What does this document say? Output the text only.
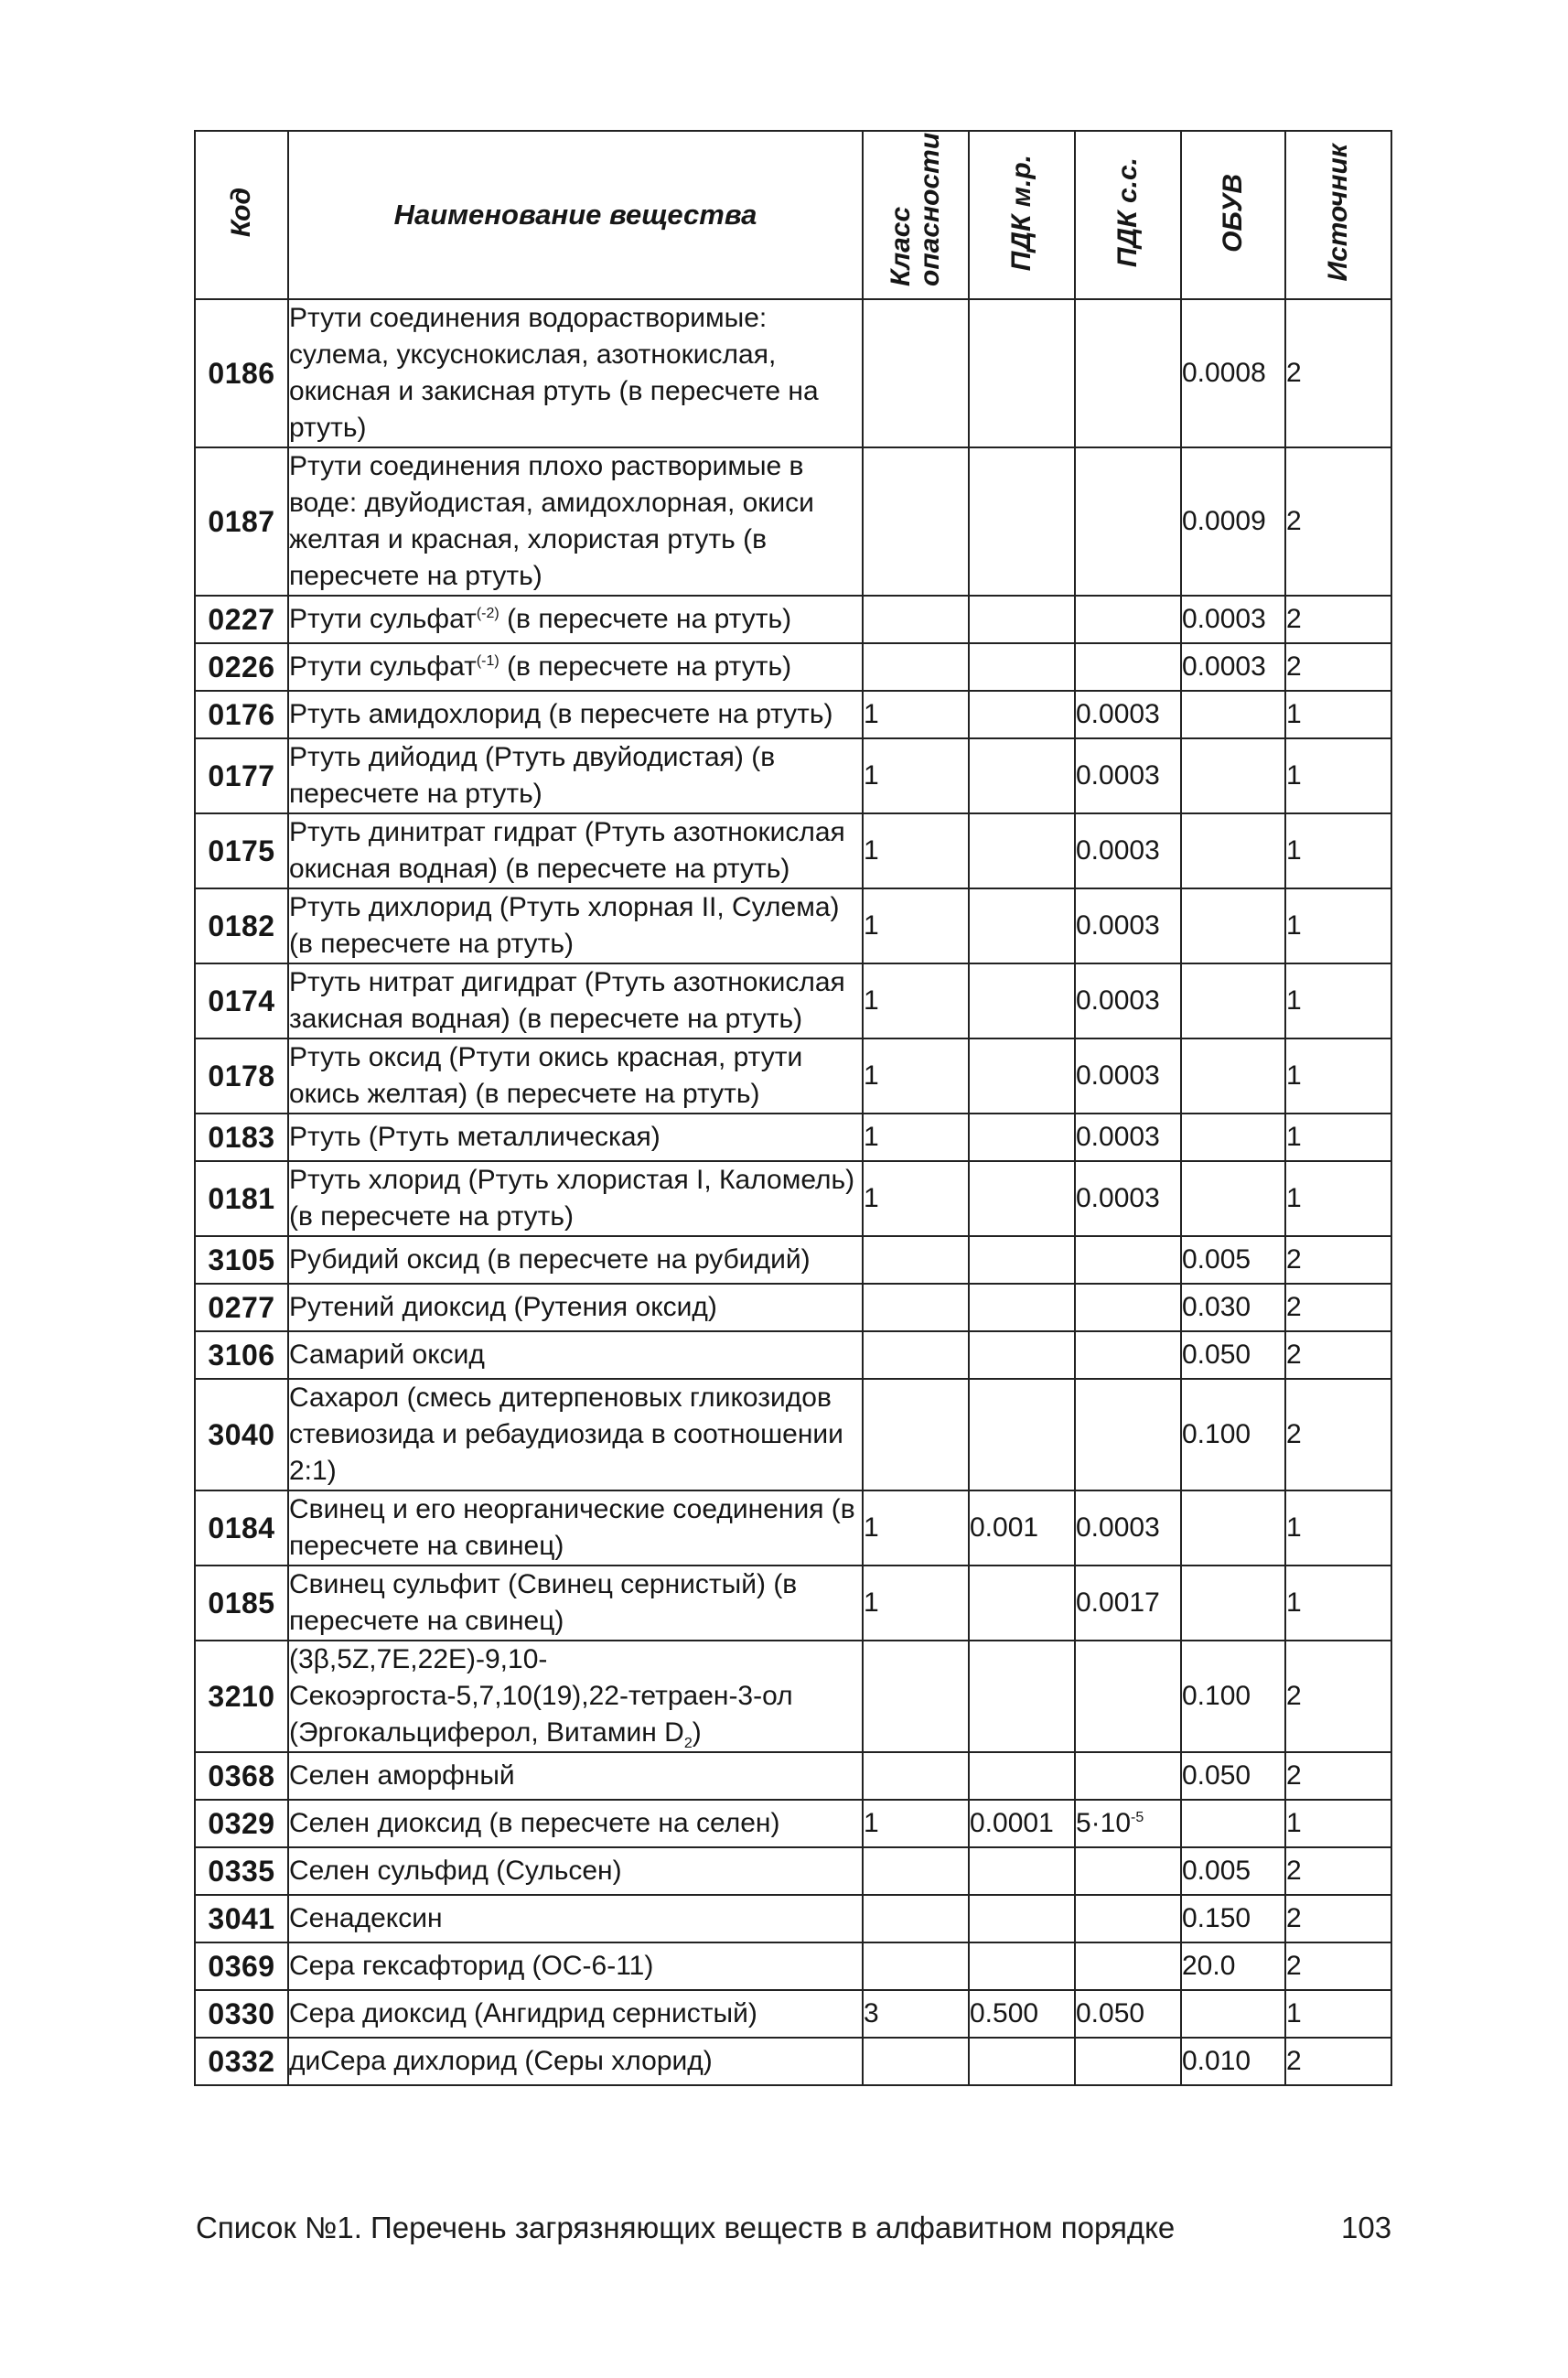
Код	Наименование вещества	Класс опасности	ПДК м.р.	ПДК с.с.	ОБУВ	Источник
0186	Ртути соединения водорастворимые: сулема, уксуснокислая, азотнокислая, окисная и закисная ртуть (в пересчете на ртуть)				0.0008	2
0187	Ртути соединения плохо растворимые в воде: двуйодистая, амидохлорная, окиси желтая и красная, хлористая ртуть (в пересчете на ртуть)				0.0009	2
0227	Ртути сульфат$^{(-2)}$ (в пересчете на ртуть)				0.0003	2
0226	Ртути сульфат$^{(-1)}$ (в пересчете на ртуть)				0.0003	2
0176	Ртуть амидохлорид (в пересчете на ртуть)	1		0.0003		1
0177	Ртуть дийодид (Ртуть двуйодистая) (в пересчете на ртуть)	1		0.0003		1
0175	Ртуть динитрат гидрат (Ртуть азотнокислая окисная водная) (в пересчете на ртуть)	1		0.0003		1
0182	Ртуть дихлорид (Ртуть хлорная II, Сулема) (в пересчете на ртуть)	1		0.0003		1
0174	Ртуть нитрат дигидрат (Ртуть азотнокислая закисная водная) (в пересчете на ртуть)	1		0.0003		1
0178	Ртуть оксид (Ртути окись красная, ртути окись желтая) (в пересчете на ртуть)	1		0.0003		1
0183	Ртуть (Ртуть металлическая)	1		0.0003		1
0181	Ртуть хлорид (Ртуть хлористая I, Каломель) (в пересчете на ртуть)	1		0.0003		1
3105	Рубидий оксид (в пересчете на рубидий)				0.005	2
0277	Рутений диоксид (Рутения оксид)				0.030	2
3106	Самарий оксид				0.050	2
3040	Сахарол (смесь дитерпеновых гликозидов стевиозида и ребаудиозида в соотношении 2:1)				0.100	2
0184	Свинец и его неорганические соединения (в пересчете на свинец)	1	0.001	0.0003		1
0185	Свинец сульфит (Свинец сернистый) (в пересчете на свинец)	1		0.0017		1
3210	(3β,5Z,7E,22E)-9,10-Секоэргоста-5,7,10(19),22-тетраен-3-ол (Эргокальциферол, Витамин $D_2$)				0.100	2
0368	Селен аморфный				0.050	2
0329	Селен диоксид (в пересчете на селен)	1	0.0001	$5\cdot 10^{-5}$		1
0335	Селен сульфид (Сульсен)				0.005	2
3041	Сенадексин				0.150	2
0369	Сера гексафторид (ОС-6-11)				20.0	2
0330	Сера диоксид (Ангидрид сернистый)	3	0.500	0.050		1
0332	диСера дихлорид (Серы хлорид)				0.010	2
Список №1. Перечень загрязняющих веществ в алфавитном порядке	103
